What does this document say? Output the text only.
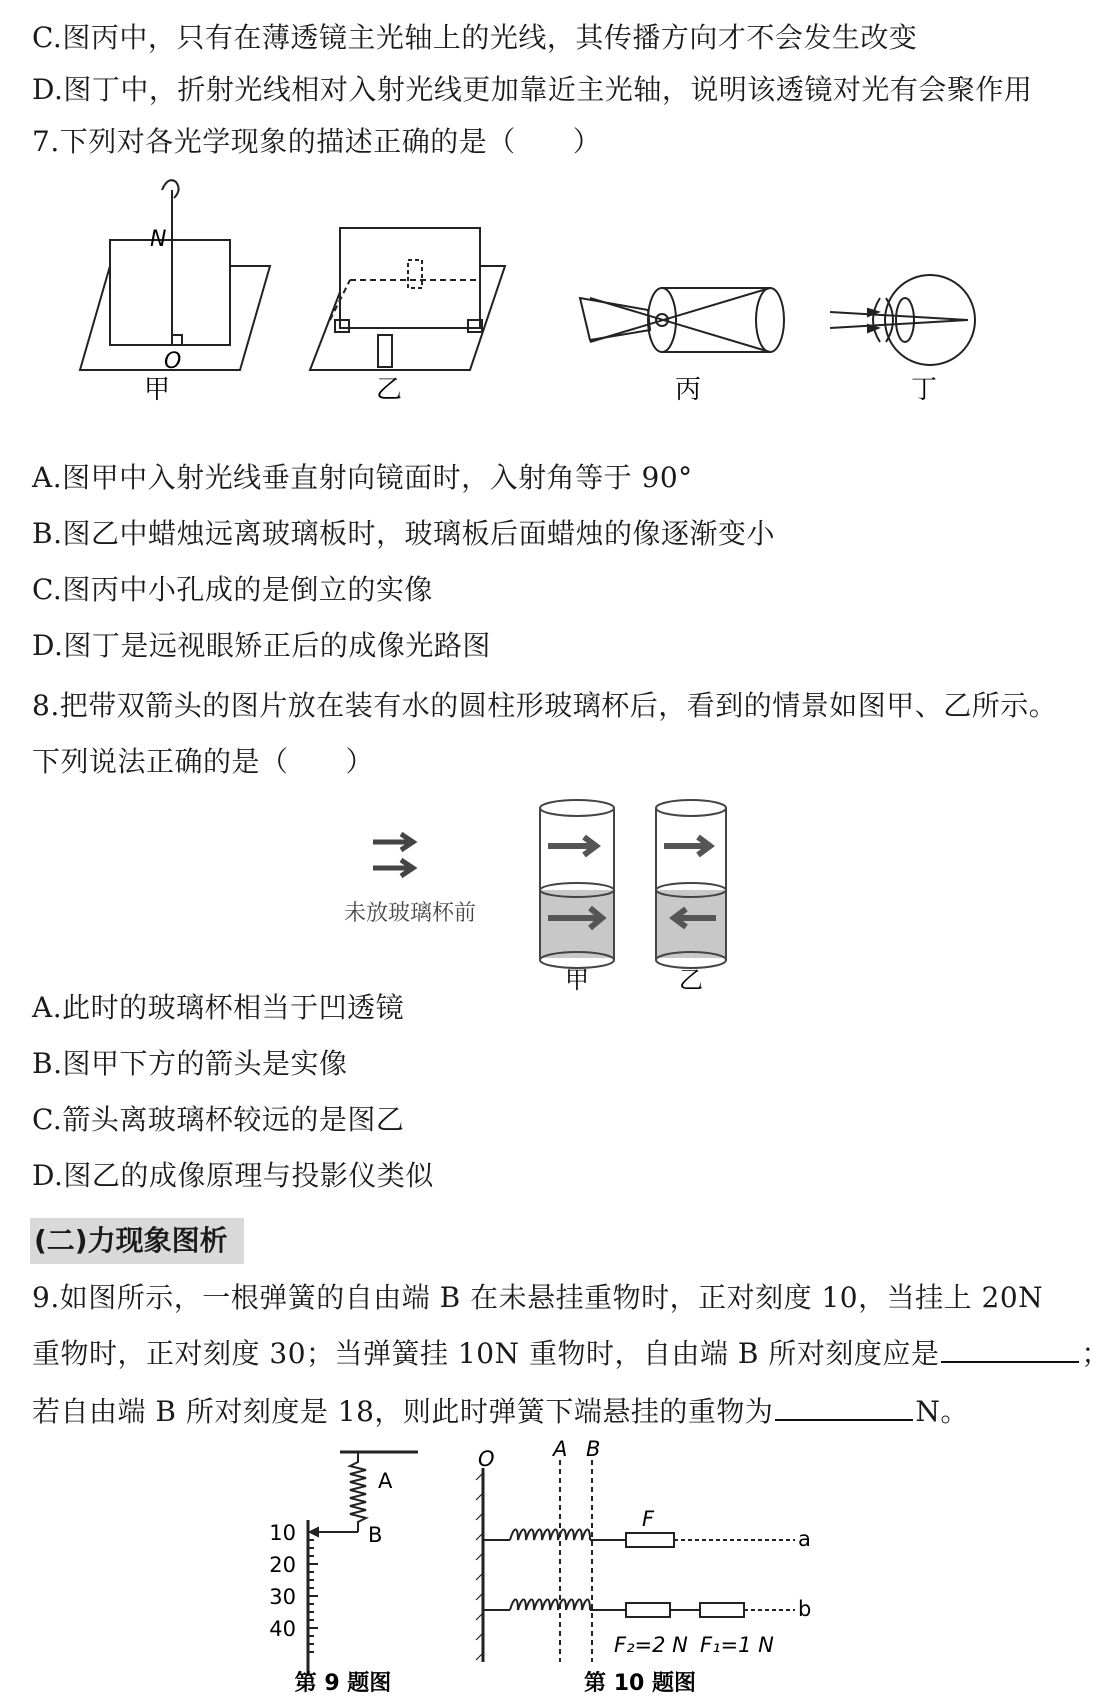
C.图丙中，只有在薄透镜主光轴上的光线，其传播方向才不会发生改变
D.图丁中，折射光线相对入射光线更加靠近主光轴，说明该透镜对光有会聚作用
7.下列对各光学现象的描述正确的是（　　）
甲	乙	丙	丁
N
O
A.图甲中入射光线垂直射向镜面时，入射角等于 90°
B.图乙中蜡烛远离玻璃板时，玻璃板后面蜡烛的像逐渐变小
C.图丙中小孔成的是倒立的实像
D.图丁是远视眼矫正后的成像光路图
8.把带双箭头的图片放在装有水的圆柱形玻璃杯后，看到的情景如图甲、乙所示。
下列说法正确的是（　　）
未放玻璃杯前
甲	乙
A.此时的玻璃杯相当于凹透镜
B.图甲下方的箭头是实像
C.箭头离玻璃杯较远的是图乙
D.图乙的成像原理与投影仪类似
(二)力现象图析
9.如图所示，一根弹簧的自由端 B 在未悬挂重物时，正对刻度 10，当挂上 20N
重物时，正对刻度 30；当弹簧挂 10N 重物时，自由端 B 所对刻度应是	；
若自由端 B 所对刻度是 18，则此时弹簧下端悬挂的重物为	N。
A
B
10
20
30
40
O	A B
F
a
b
F₂=2 N F₁=1 N
第 9 题图	第 10 题图
